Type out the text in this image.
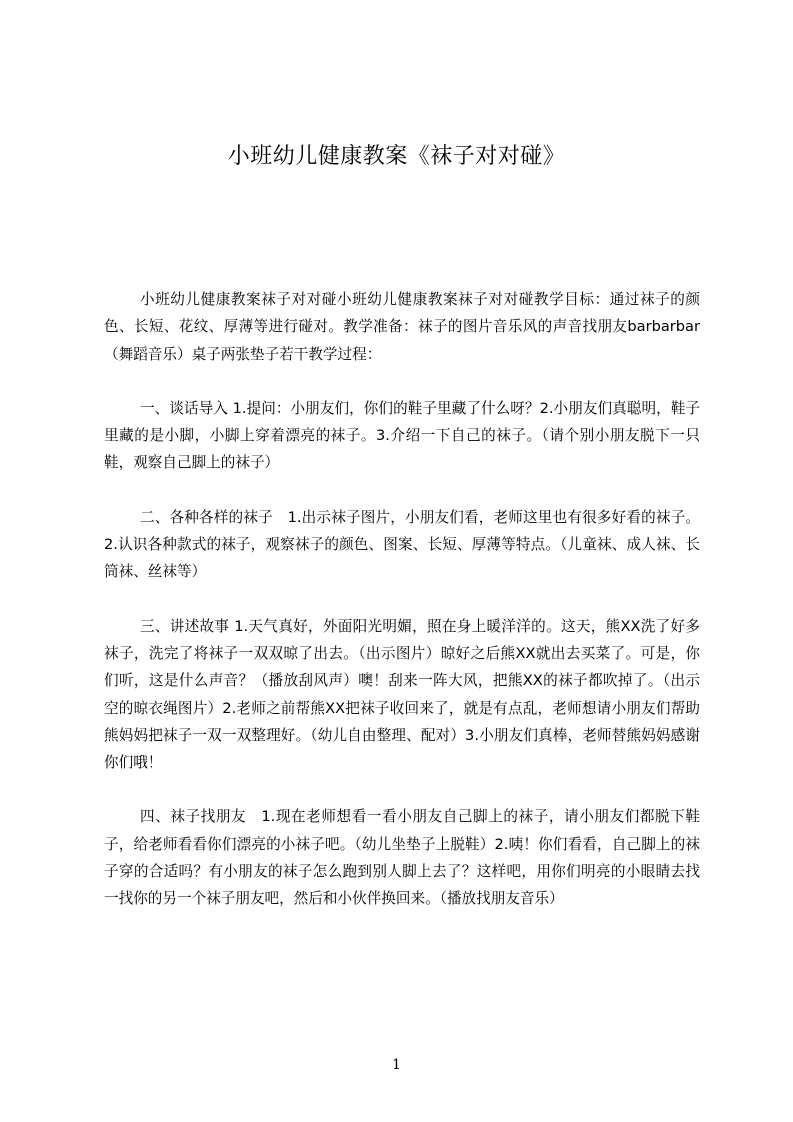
小班幼儿健康教案《袜子对对碰》

小班幼儿健康教案袜子对对碰小班幼儿健康教案袜子对对碰教学目标：通过袜子的颜色、长短、花纹、厚薄等进行碰对。教学准备：袜子的图片音乐风的声音找朋友barbarbar（舞蹈音乐）桌子两张垫子若干教学过程：

一、谈话导入 1.提问：小朋友们，你们的鞋子里藏了什么呀？2.小朋友们真聪明，鞋子里藏的是小脚，小脚上穿着漂亮的袜子。3.介绍一下自己的袜子。（请个别小朋友脱下一只鞋，观察自己脚上的袜子）

二、各种各样的袜子　1.出示袜子图片，小朋友们看，老师这里也有很多好看的袜子。2.认识各种款式的袜子，观察袜子的颜色、图案、长短、厚薄等特点。（儿童袜、成人袜、长筒袜、丝袜等）

三、讲述故事 1.天气真好，外面阳光明媚，照在身上暖洋洋的。这天，熊XX洗了好多袜子，洗完了将袜子一双双晾了出去。（出示图片）晾好之后熊XX就出去买菜了。可是，你们听，这是什么声音？（播放刮风声）噢！刮来一阵大风，把熊XX的袜子都吹掉了。（出示空的晾衣绳图片）2.老师之前帮熊XX把袜子收回来了，就是有点乱，老师想请小朋友们帮助熊妈妈把袜子一双一双整理好。（幼儿自由整理、配对）3.小朋友们真棒，老师替熊妈妈感谢你们哦！

四、袜子找朋友　1.现在老师想看一看小朋友自己脚上的袜子，请小朋友们都脱下鞋子，给老师看看你们漂亮的小袜子吧。（幼儿坐垫子上脱鞋）2.咦！你们看看，自己脚上的袜子穿的合适吗？有小朋友的袜子怎么跑到别人脚上去了？这样吧，用你们明亮的小眼睛去找一找你的另一个袜子朋友吧，然后和小伙伴换回来。（播放找朋友音乐）

1
